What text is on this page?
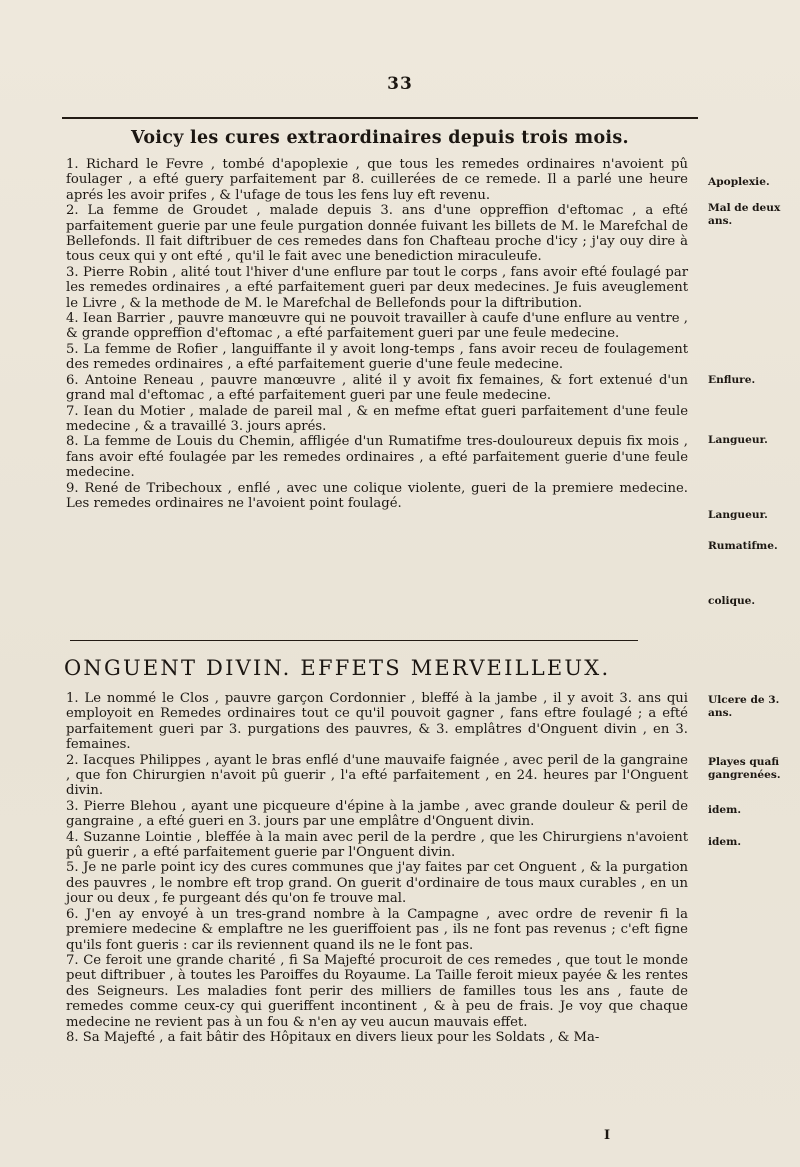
33
Voicy les cures extraordinaires depuis trois mois.

1. Richard le Fevre , tombé d'apoplexie , que tous les remedes ordinaires n'avoient pû foulager , a efté guery parfaitement par 8. cuillerées de ce remede. Il a parlé une heure aprés les avoir prifes , & l'ufage de tous les fens luy eft revenu.

2. La femme de Groudet , malade depuis 3. ans d'une oppreffion d'eftomac , a efté parfaitement guerie par une feule purgation donnée fuivant les billets de M. le Marefchal de Bellefonds. Il fait diftribuer de ces remedes dans fon Chafteau proche d'icy ; j'ay ouy dire à tous ceux qui y ont efté , qu'il le fait avec une benediction miraculeufe.

3. Pierre Robin , alité tout l'hiver d'une enflure par tout le corps , fans avoir efté foulagé par les remedes ordinaires , a efté parfaitement gueri par deux medecines. Je fuis aveuglement le Livre , & la methode de M. le Marefchal de Bellefonds pour la diftribution.

4. Iean Barrier , pauvre manœuvre qui ne pouvoit travailler à caufe d'une enflure au ventre , & grande oppreffion d'eftomac , a efté parfaitement gueri par une feule medecine.

5. La femme de Rofier , languiffante il y avoit long-temps , fans avoir receu de foulagement des remedes ordinaires , a efté parfaitement guerie d'une feule medecine.

6. Antoine Reneau , pauvre manœuvre , alité il y avoit fix femaines, & fort extenué d'un grand mal d'eftomac , a efté parfaitement gueri par une feule medecine.

7. Iean du Motier , malade de pareil mal , & en mefme eftat gueri parfaitement d'une feule medecine , & a travaillé 3. jours aprés.

8. La femme de Louis du Chemin, affligée d'un Rumatifme tres-douloureux depuis fix mois , fans avoir efté foulagée par les remedes ordinaires , a efté parfaitement guerie d'une feule medecine.

9. René de Tribechoux , enflé , avec une colique violente, gueri de la premiere medecine. Les remedes ordinaires ne l'avoient point foulagé.

Apoplexie.
Mal de deux ans.
Enflure.
Langueur.
Langueur.
Rumatifme.
colique.
ONGUENT DIVIN. EFFETS MERVEILLEUX.

1. Le nommé le Clos , pauvre garçon Cordonnier , bleffé à la jambe , il y avoit 3. ans qui employoit en Remedes ordinaires tout ce qu'il pouvoit gagner , fans eftre foulagé ; a efté parfaitement gueri par 3. purgations des pauvres, & 3. emplâtres d'Onguent divin , en 3. femaines.

2. Iacques Philippes , ayant le bras enflé d'une mauvaife faignée , avec peril de la gangraine , que fon Chirurgien n'avoit pû guerir , l'a efté parfaitement , en 24. heures par l'Onguent divin.

3. Pierre Blehou , ayant une picqueure d'épine à la jambe , avec grande douleur & peril de gangraine , a efté gueri en 3. jours par une emplâtre d'Onguent divin.

4. Suzanne Lointie , bleffée à la main avec peril de la perdre , que les Chirurgiens n'avoient pû guerir , a efté parfaitement guerie par l'Onguent divin.

5. Je ne parle point icy des cures communes que j'ay faites par cet Onguent , & la purgation des pauvres , le nombre eft trop grand. On guerit d'ordinaire de tous maux curables , en un jour ou deux , fe purgeant dés qu'on fe trouve mal.

6. J'en ay envoyé à un tres-grand nombre à la Campagne , avec ordre de revenir fi la premiere medecine & emplaftre ne les gueriffoient pas , ils ne font pas revenus ; c'eft figne qu'ils font gueris : car ils reviennent quand ils ne le font pas.

7. Ce feroit une grande charité , fi Sa Majefté procuroit de ces remedes , que tout le monde peut diftribuer , à toutes les Paroiffes du Royaume. La Taille feroit mieux payée & les rentes des Seigneurs. Les maladies font perir des milliers de familles tous les ans , faute de remedes comme ceux-cy qui gueriffent incontinent , & à peu de frais. Je voy que chaque medecine ne revient pas à un fou & n'en ay veu aucun mauvais effet.

8. Sa Majefté , a fait bâtir des Hôpitaux en divers lieux pour les Soldats , & Ma-

Ulcere de 3. ans.
Playes quafi gangrenées.
idem.
idem.
I
